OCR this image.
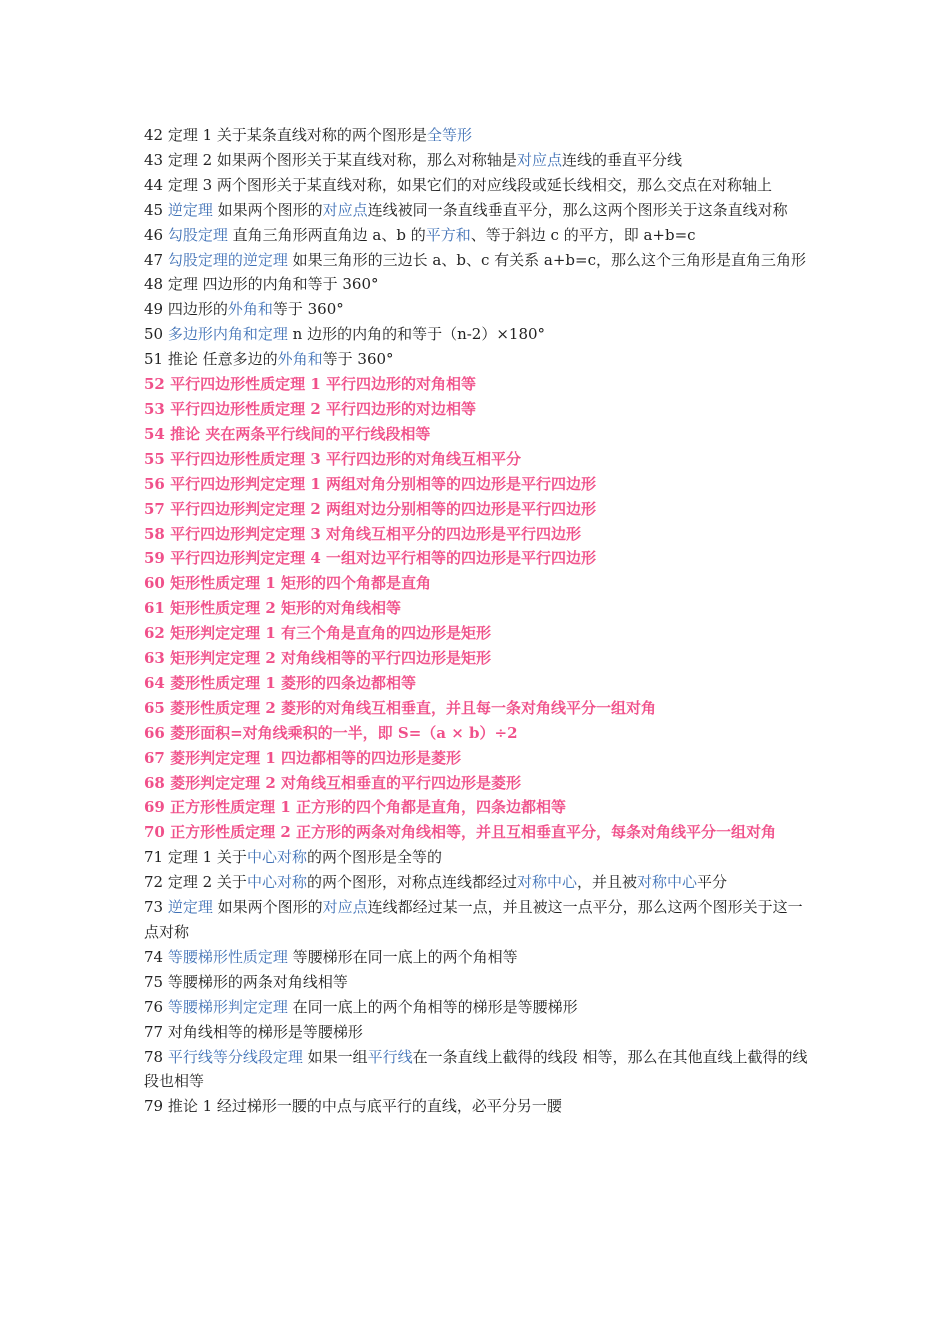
42 定理 1 关于某条直线对称的两个图形是全等形

43 定理 2 如果两个图形关于某直线对称，那么对称轴是对应点连线的垂直平分线

44 定理 3 两个图形关于某直线对称，如果它们的对应线段或延长线相交，那么交点在对称轴上

45 逆定理 如果两个图形的对应点连线被同一条直线垂直平分，那么这两个图形关于这条直线对称

46 勾股定理 直角三角形两直角边 a、b 的平方和、等于斜边 c 的平方，即 a+b=c

47 勾股定理的逆定理 如果三角形的三边长 a、b、c 有关系 a+b=c，那么这个三角形是直角三角形

48 定理 四边形的内角和等于 360°

49 四边形的外角和等于 360°

50 多边形内角和定理 n 边形的内角的和等于（n-2）×180°

51 推论 任意多边的外角和等于 360°

52 平行四边形性质定理 1 平行四边形的对角相等

53 平行四边形性质定理 2 平行四边形的对边相等

54 推论 夹在两条平行线间的平行线段相等

55 平行四边形性质定理 3 平行四边形的对角线互相平分

56 平行四边形判定定理 1 两组对角分别相等的四边形是平行四边形

57 平行四边形判定定理 2 两组对边分别相等的四边形是平行四边形

58 平行四边形判定定理 3 对角线互相平分的四边形是平行四边形

59 平行四边形判定定理 4 一组对边平行相等的四边形是平行四边形

60 矩形性质定理 1 矩形的四个角都是直角

61 矩形性质定理 2 矩形的对角线相等

62 矩形判定定理 1 有三个角是直角的四边形是矩形

63 矩形判定定理 2 对角线相等的平行四边形是矩形

64 菱形性质定理 1 菱形的四条边都相等

65 菱形性质定理 2 菱形的对角线互相垂直，并且每一条对角线平分一组对角

66 菱形面积=对角线乘积的一半，即 S=（a × b）÷2

67 菱形判定定理 1 四边都相等的四边形是菱形

68 菱形判定定理 2 对角线互相垂直的平行四边形是菱形

69 正方形性质定理 1 正方形的四个角都是直角，四条边都相等

70 正方形性质定理 2 正方形的两条对角线相等，并且互相垂直平分，每条对角线平分一组对角

71 定理 1 关于中心对称的两个图形是全等的

72 定理 2 关于中心对称的两个图形，对称点连线都经过对称中心，并且被对称中心平分

73 逆定理 如果两个图形的对应点连线都经过某一点，并且被这一点平分，那么这两个图形关于这一点对称

74 等腰梯形性质定理 等腰梯形在同一底上的两个角相等

75 等腰梯形的两条对角线相等

76 等腰梯形判定定理 在同一底上的两个角相等的梯形是等腰梯形

77 对角线相等的梯形是等腰梯形

78 平行线等分线段定理 如果一组平行线在一条直线上截得的线段 相等，那么在其他直线上截得的线段也相等

79 推论 1 经过梯形一腰的中点与底平行的直线，必平分另一腰
